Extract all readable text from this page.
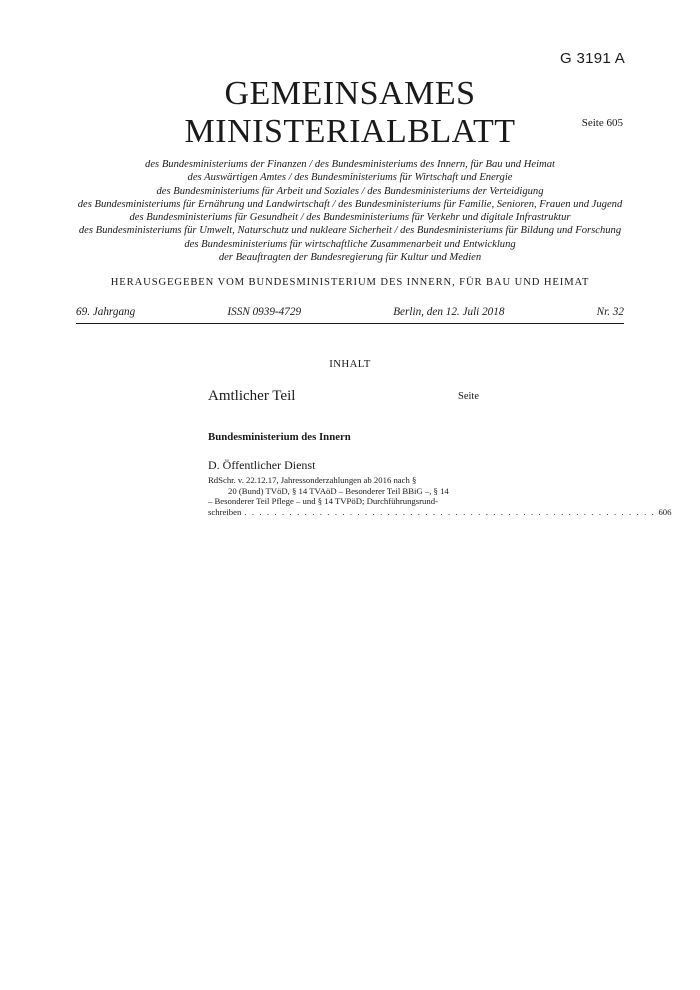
G 3191 A
GEMEINSAMES
MINISTERIALBLATT	Seite 605
des Bundesministeriums der Finanzen / des Bundesministeriums des Innern, für Bau und Heimat
des Auswärtigen Amtes / des Bundesministeriums für Wirtschaft und Energie
des Bundesministeriums für Arbeit und Soziales / des Bundesministeriums der Verteidigung
des Bundesministeriums für Ernährung und Landwirtschaft / des Bundesministeriums für Familie, Senioren, Frauen und Jugend
des Bundesministeriums für Gesundheit / des Bundesministeriums für Verkehr und digitale Infrastruktur
des Bundesministeriums für Umwelt, Naturschutz und nukleare Sicherheit / des Bundesministeriums für Bildung und Forschung
des Bundesministeriums für wirtschaftliche Zusammenarbeit und Entwicklung
der Beauftragten der Bundesregierung für Kultur und Medien
HERAUSGEGEBEN VOM BUNDESMINISTERIUM DES INNERN, FÜR BAU UND HEIMAT
69. Jahrgang	ISSN 0939-4729	Berlin, den 12. Juli 2018	Nr. 32
INHALT
Amtlicher Teil	Seite
Bundesministerium des Innern
D. Öffentlicher Dienst
RdSchr. v. 22.12.17, Jahressonderzahlungen ab 2016 nach §
20 (Bund) TVöD, § 14 TVAöD – Besonderer Teil BBiG –, § 14
– Besonderer Teil Pflege – und § 14 TVPöD; Durchführungsrund-
schreiben . . . . . . . . . . . . . . . . . . . . . . . . . . . . . . . . . . . . . . . . . . . . . . . . . . . . . . . 606
